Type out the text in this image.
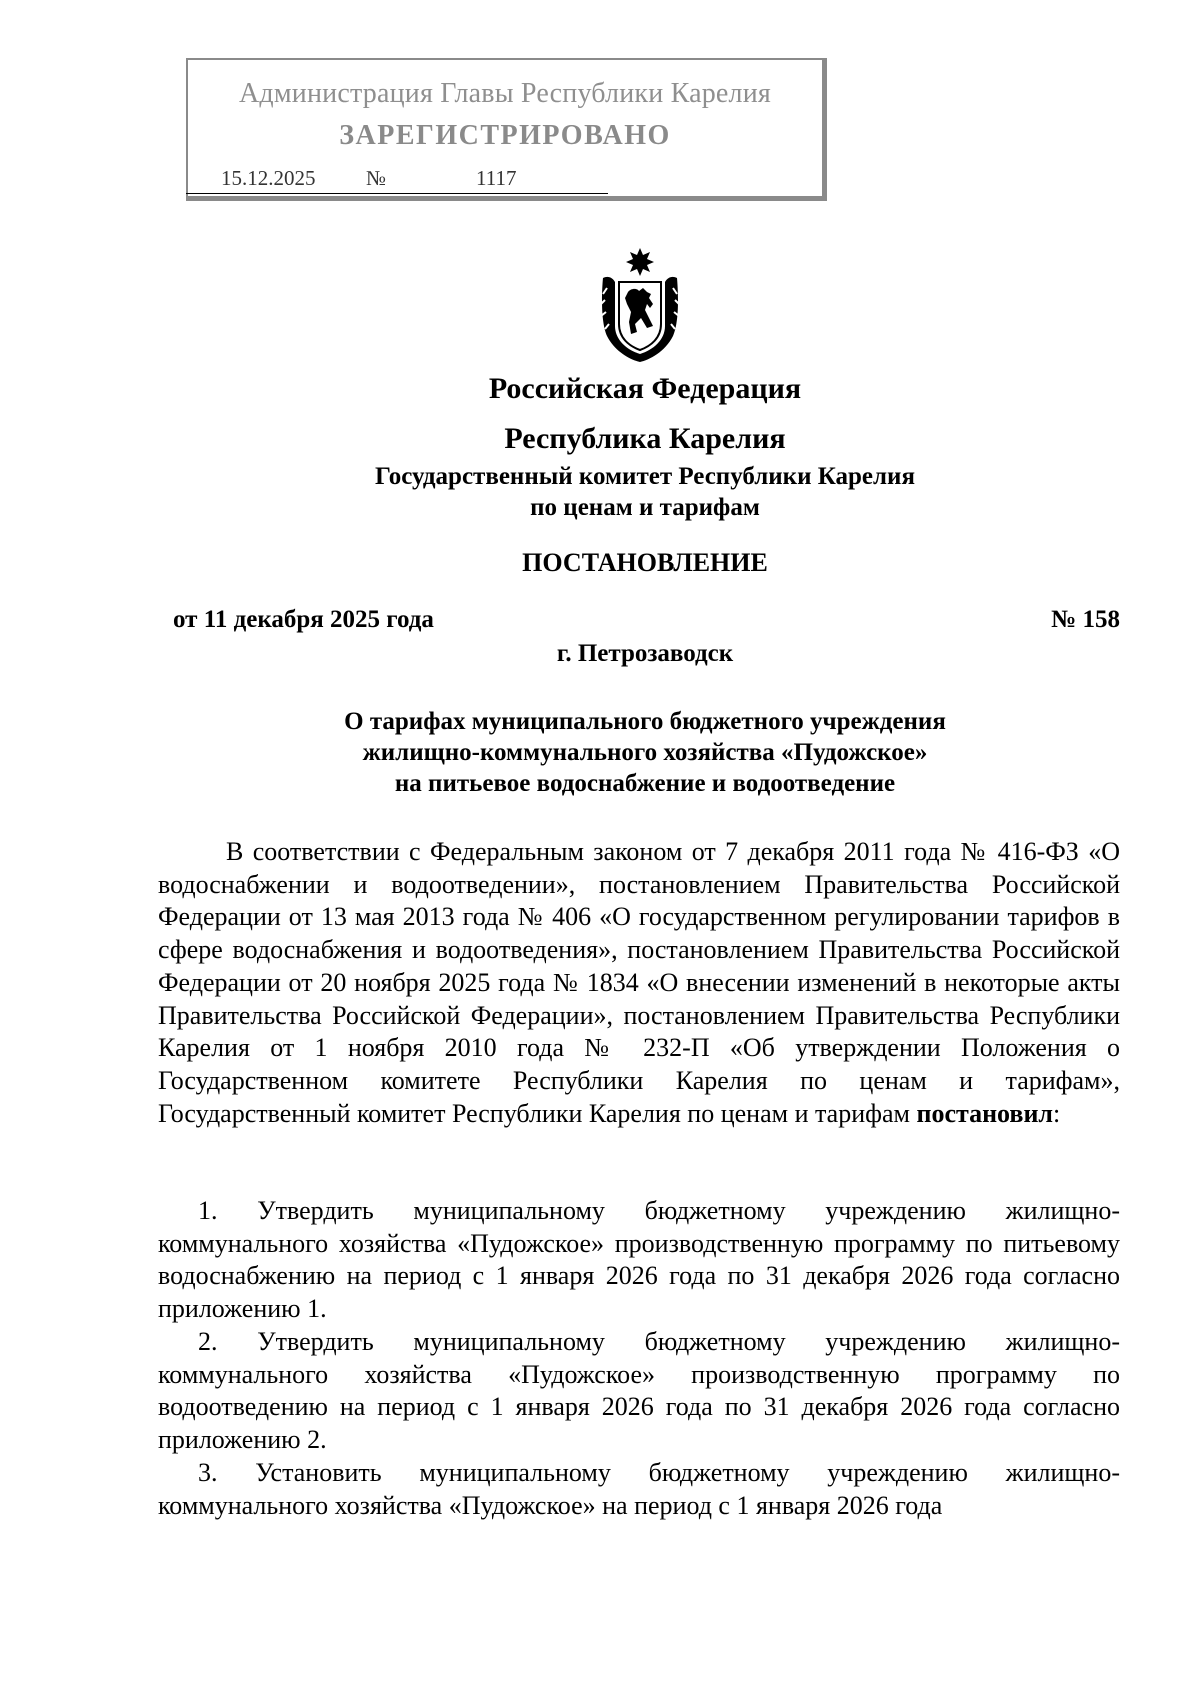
Администрация Главы Республики Карелия
ЗАРЕГИСТРИРОВАНО
15.12.2025 №	1117
Российская Федерация
Республика Карелия
Государственный комитет Республики Карелия
по ценам и тарифам
ПОСТАНОВЛЕНИЕ
от 11 декабря 2025 года	№ 158
г. Петрозаводск
О тарифах муниципального бюджетного учреждения
жилищно-коммунального хозяйства «Пудожское»
на питьевое водоснабжение и водоотведение
В соответствии с Федеральным законом от 7 декабря 2011 года № 416-ФЗ «О водоснабжении и водоотведении», постановлением Правительства Российской Федерации от 13 мая 2013 года № 406 «О государственном регулировании тарифов в сфере водоснабжения и водоотведения», постановлением Правительства Российской Федерации от 20 ноября 2025 года № 1834 «О внесении изменений в некоторые акты Правительства Российской Федерации», постановлением Правительства Республики Карелия от 1 ноября 2010 года № 232-П «Об утверждении Положения о Государственном комитете Республики Карелия по ценам и тарифам», Государственный комитет Республики Карелия по ценам и тарифам постановил:
1. Утвердить муниципальному бюджетному учреждению жилищно-коммунального хозяйства «Пудожское» производственную программу по питьевому водоснабжению на период с 1 января 2026 года по 31 декабря 2026 года согласно приложению 1.
2. Утвердить муниципальному бюджетному учреждению жилищно-коммунального хозяйства «Пудожское» производственную программу по водоотведению на период с 1 января 2026 года по 31 декабря 2026 года согласно приложению 2.
3. Установить муниципальному бюджетному учреждению жилищно-коммунального хозяйства «Пудожское» на период с 1 января 2026 года
